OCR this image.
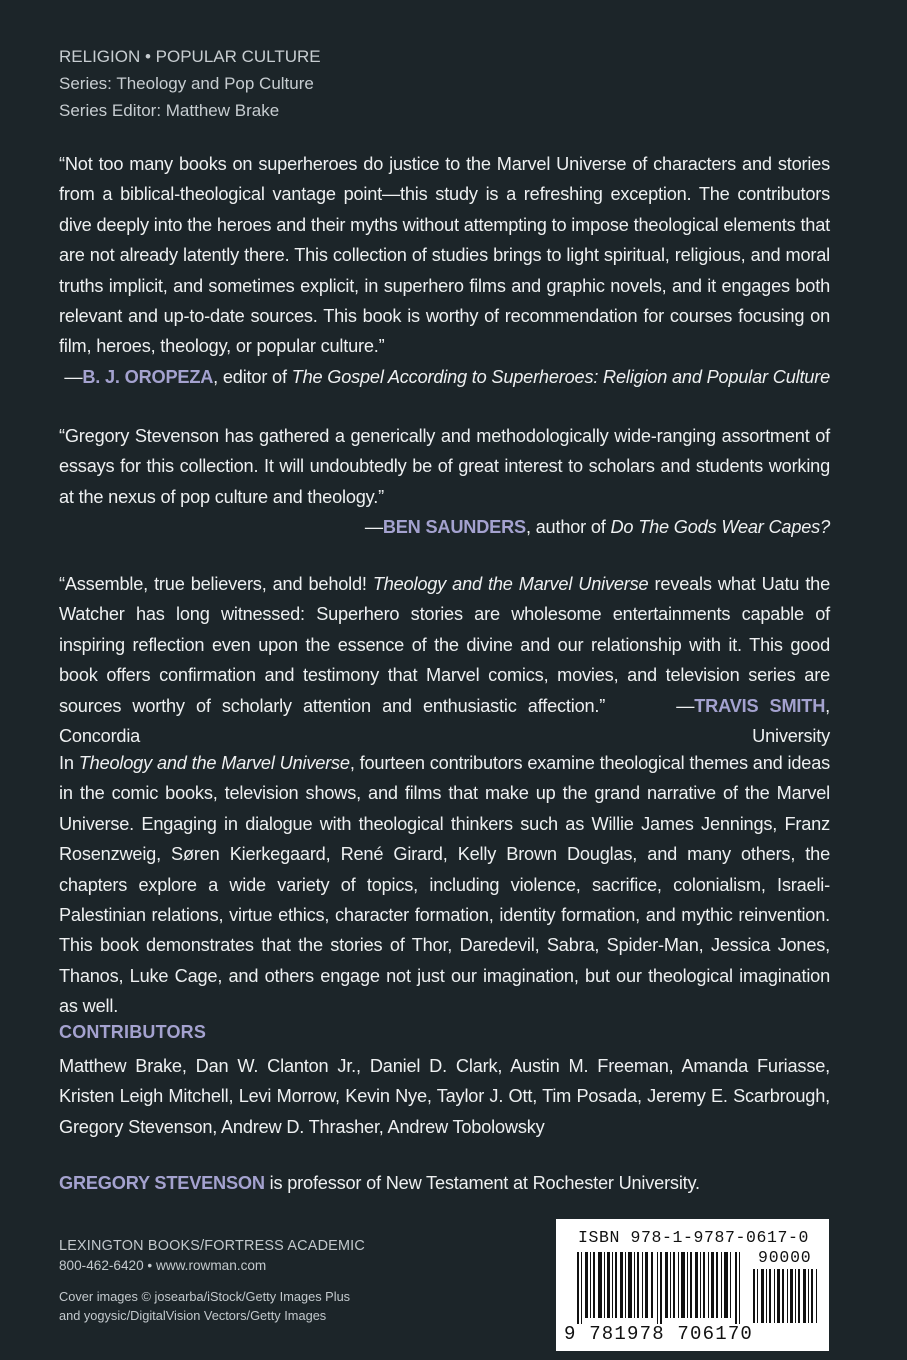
RELIGION • POPULAR CULTURE
Series: Theology and Pop Culture
Series Editor: Matthew Brake
“Not too many books on superheroes do justice to the Marvel Universe of characters and stories from a biblical-theological vantage point—this study is a refreshing exception. The contributors dive deeply into the heroes and their myths without attempting to impose theological elements that are not already latently there. This collection of studies brings to light spiritual, religious, and moral truths implicit, and sometimes explicit, in superhero films and graphic novels, and it engages both relevant and up-to-date sources. This book is worthy of recommendation for courses focusing on film, heroes, theology, or popular culture.”
—B. J. OROPEZA, editor of The Gospel According to Superheroes: Religion and Popular Culture
“Gregory Stevenson has gathered a generically and methodologically wide-ranging assortment of essays for this collection. It will undoubtedly be of great interest to scholars and students working at the nexus of pop culture and theology.”
—BEN SAUNDERS, author of Do The Gods Wear Capes?
“Assemble, true believers, and behold! Theology and the Marvel Universe reveals what Uatu the Watcher has long witnessed: Superhero stories are wholesome entertainments capable of inspiring reflection even upon the essence of the divine and our relationship with it. This good book offers confirmation and testimony that Marvel comics, movies, and television series are sources worthy of scholarly attention and enthusiastic affection.”	—TRAVIS SMITH, Concordia University
In Theology and the Marvel Universe, fourteen contributors examine theological themes and ideas in the comic books, television shows, and films that make up the grand narrative of the Marvel Universe. Engaging in dialogue with theological thinkers such as Willie James Jennings, Franz Rosenzweig, Søren Kierkegaard, René Girard, Kelly Brown Douglas, and many others, the chapters explore a wide variety of topics, including violence, sacrifice, colonialism, Israeli-Palestinian relations, virtue ethics, character formation, identity formation, and mythic reinvention. This book demonstrates that the stories of Thor, Daredevil, Sabra, Spider-Man, Jessica Jones, Thanos, Luke Cage, and others engage not just our imagination, but our theological imagination as well.
CONTRIBUTORS
Matthew Brake, Dan W. Clanton Jr., Daniel D. Clark, Austin M. Freeman, Amanda Furiasse, Kristen Leigh Mitchell, Levi Morrow, Kevin Nye, Taylor J. Ott, Tim Posada, Jeremy E. Scarbrough, Gregory Stevenson, Andrew D. Thrasher, Andrew Tobolowsky
GREGORY STEVENSON is professor of New Testament at Rochester University.
LEXINGTON BOOKS/FORTRESS ACADEMIC
800-462-6420 • www.rowman.com
Cover images © josearba/iStock/Getty Images Plus
and yogysic/DigitalVision Vectors/Getty Images
ISBN 978-1-9787-0617-0
90000
9 781978 706170
